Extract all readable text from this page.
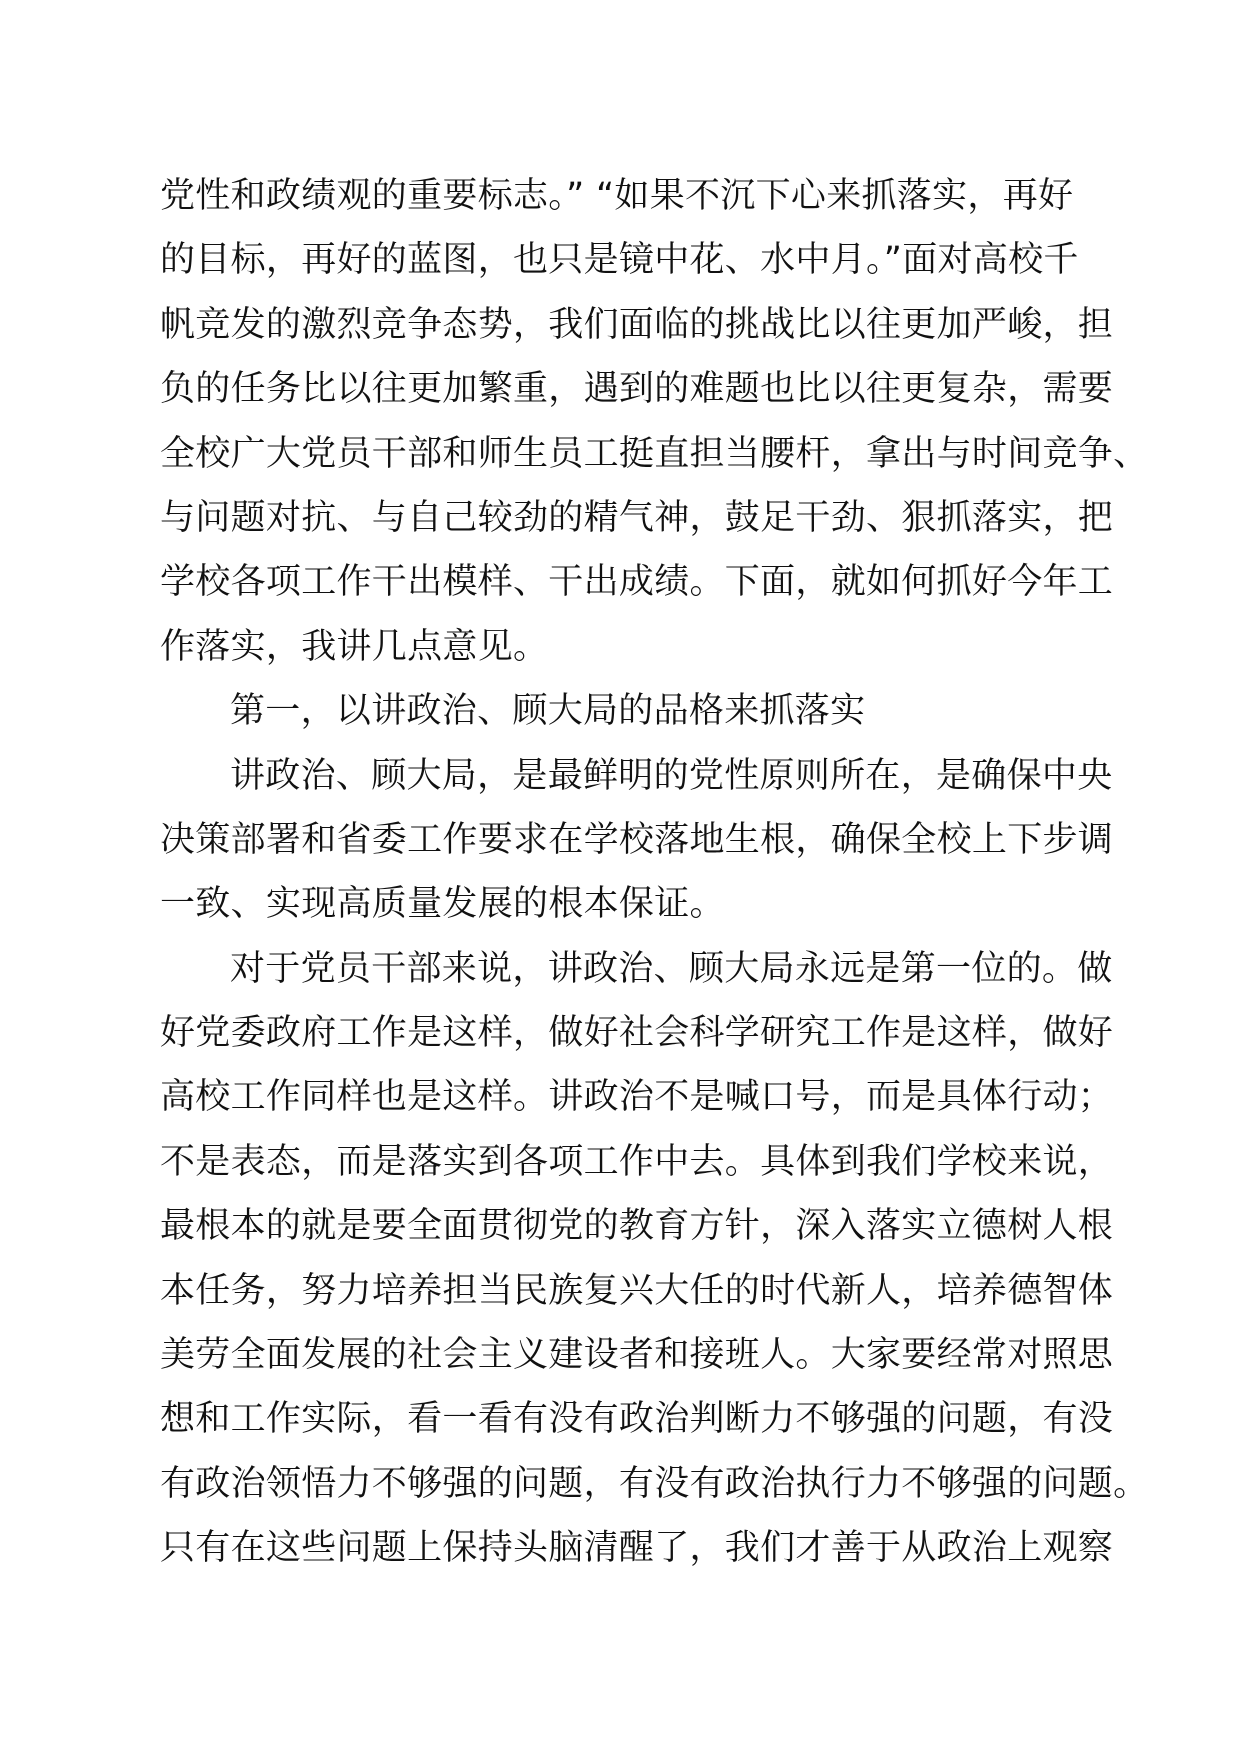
党性和政绩观的重要标志。” “如果不沉下心来抓落实，再好
的目标，再好的蓝图，也只是镜中花、水中月。”面对高校千
帆竞发的激烈竞争态势，我们面临的挑战比以往更加严峻，担
负的任务比以往更加繁重，遇到的难题也比以往更复杂，需要
全校广大党员干部和师生员工挺直担当腰杆，拿出与时间竞争、
与问题对抗、与自己较劲的精气神，鼓足干劲、狠抓落实，把
学校各项工作干出模样、干出成绩。下面，就如何抓好今年工
作落实，我讲几点意见。
第一，以讲政治、顾大局的品格来抓落实
讲政治、顾大局，是最鲜明的党性原则所在，是确保中央
决策部署和省委工作要求在学校落地生根，确保全校上下步调
一致、实现高质量发展的根本保证。
对于党员干部来说，讲政治、顾大局永远是第一位的。做
好党委政府工作是这样，做好社会科学研究工作是这样，做好
高校工作同样也是这样。讲政治不是喊口号，而是具体行动；
不是表态，而是落实到各项工作中去。具体到我们学校来说，
最根本的就是要全面贯彻党的教育方针，深入落实立德树人根
本任务，努力培养担当民族复兴大任的时代新人，培养德智体
美劳全面发展的社会主义建设者和接班人。大家要经常对照思
想和工作实际，看一看有没有政治判断力不够强的问题，有没
有政治领悟力不够强的问题，有没有政治执行力不够强的问题。
只有在这些问题上保持头脑清醒了，我们才善于从政治上观察
